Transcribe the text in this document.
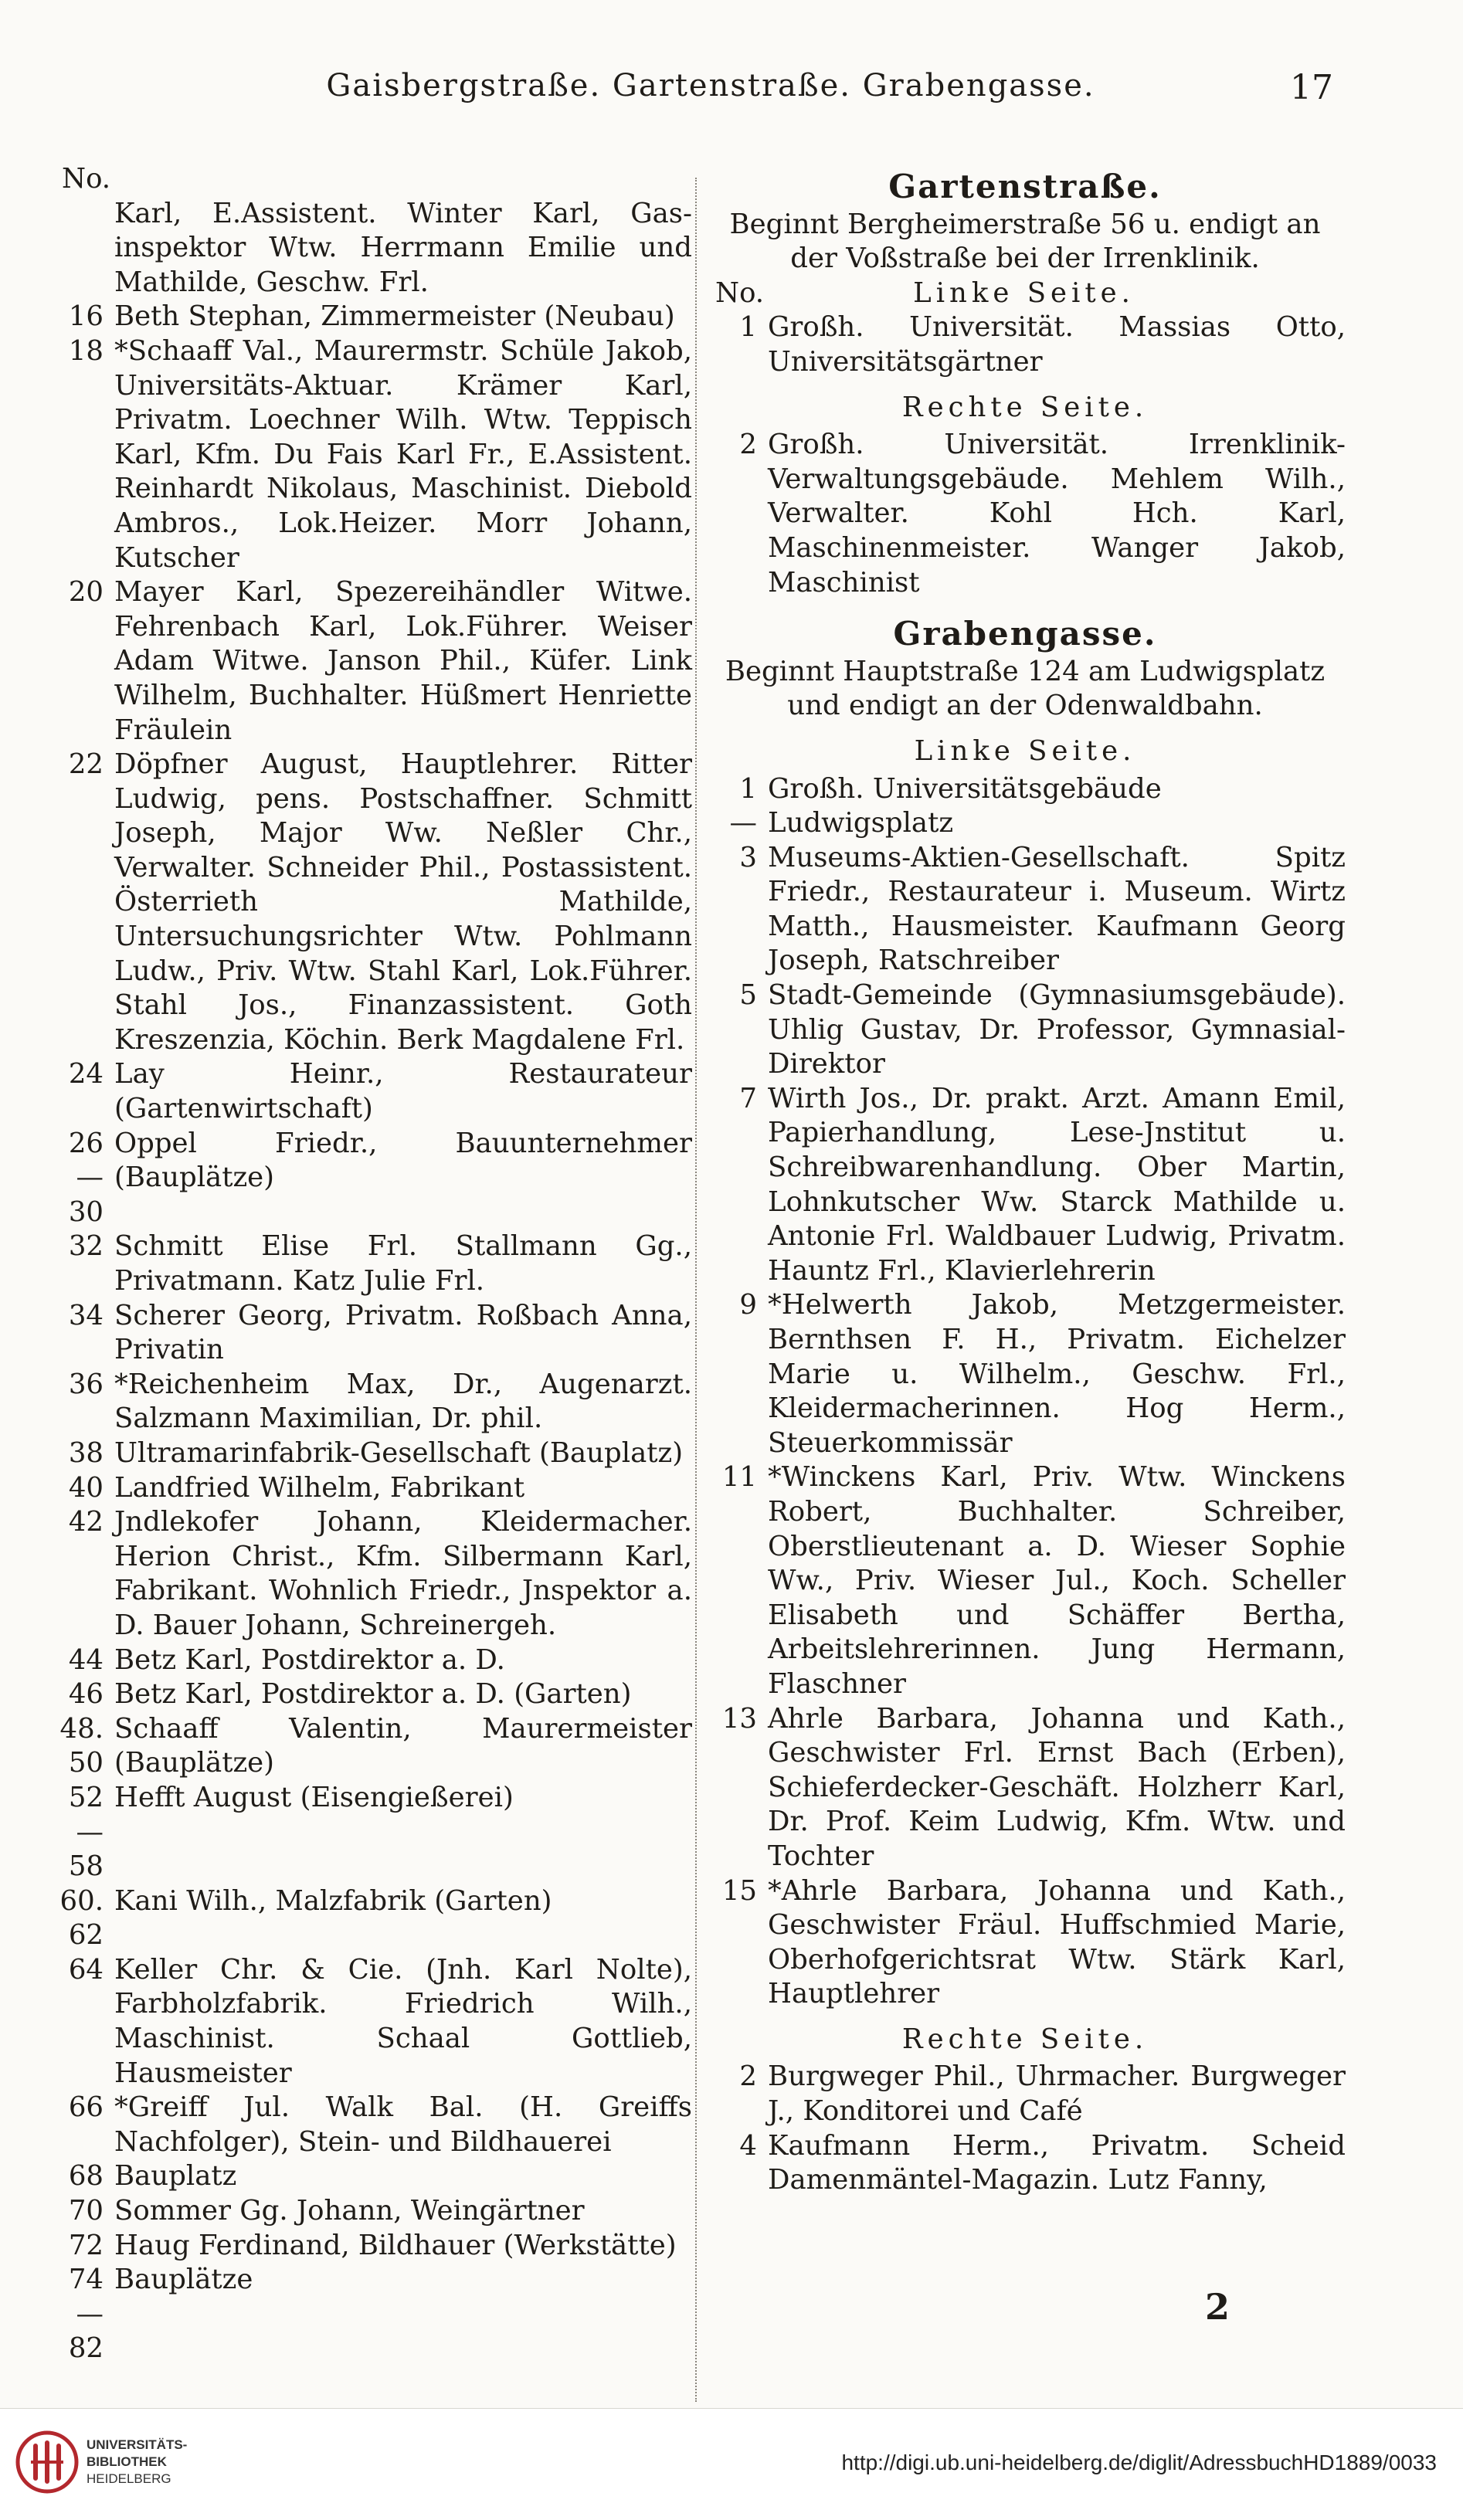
Gaisbergstraße. Gartenstraße. Grabengasse.	17
No.
Karl, E.Assistent. Winter Karl, Gas-inspektor Wtw. Herrmann Emilie und Mathilde, Geschw. Frl.
16 Beth Stephan, Zimmermeister (Neubau)
18 *Schaaff Val., Maurermstr. Schüle Jakob, Universitäts-Aktuar. Krämer Karl, Privatm. Loechner Wilh. Wtw. Teppisch Karl, Kfm. Du Fais Karl Fr., E.Assistent. Reinhardt Nikolaus, Maschinist. Diebold Ambros., Lok.Heizer. Morr Johann, Kutscher
20 Mayer Karl, Spezereihändler Witwe. Fehrenbach Karl, Lok.Führer. Weiser Adam Witwe. Janson Phil., Küfer. Link Wilhelm, Buchhalter. Hüßmert Henriette Fräulein
22 Döpfner August, Hauptlehrer. Ritter Ludwig, pens. Postschaffner. Schmitt Joseph, Major Ww. Neßler Chr., Verwalter. Schneider Phil., Postassistent. Österrieth Mathilde, Untersuchungsrichter Wtw. Pohlmann Ludw., Priv. Wtw. Stahl Karl, Lok.Führer. Stahl Jos., Finanzassistent. Goth Kreszenzia, Köchin. Berk Magdalene Frl.
24 Lay Heinr., Restaurateur (Gartenwirtschaft)
26—30
Oppel Friedr., Bauunternehmer (Bauplätze)
32 Schmitt Elise Frl. Stallmann Gg., Privatmann. Katz Julie Frl.
34 Scherer Georg, Privatm. Roßbach Anna, Privatin
36 *Reichenheim Max, Dr., Augenarzt. Salzmann Maximilian, Dr. phil.
38 Ultramarinfabrik-Gesellschaft (Bauplatz)
40 Landfried Wilhelm, Fabrikant
42 Jndlekofer Johann, Kleidermacher. Herion Christ., Kfm. Silbermann Karl, Fabrikant. Wohnlich Friedr., Jnspektor a. D. Bauer Johann, Schreinergeh.
44 Betz Karl, Postdirektor a. D.
46 Betz Karl, Postdirektor a. D. (Garten)
48. 50
Schaaff Valentin, Maurermeister (Bauplätze)
52—58
Hefft August (Eisengießerei)
60. 62
Kani Wilh., Malzfabrik (Garten)
64 Keller Chr. & Cie. (Jnh. Karl Nolte), Farbholzfabrik. Friedrich Wilh., Maschinist. Schaal Gottlieb, Hausmeister
66 *Greiff Jul. Walk Bal. (H. Greiffs Nachfolger), Stein- und Bildhauerei
68 Bauplatz
70 Sommer Gg. Johann, Weingärtner
72 Haug Ferdinand, Bildhauer (Werkstätte)
74—82
Bauplätze
Gartenstraße.
Beginnt Bergheimerstraße 56 u. endigt an der Voßstraße bei der Irrenklinik.
No.	Linke Seite.
1 Großh. Universität. Massias Otto, Universitätsgärtner
Rechte Seite.
2 Großh. Universität. Irrenklinik-Verwaltungsgebäude. Mehlem Wilh., Verwalter. Kohl Hch. Karl, Maschinenmeister. Wanger Jakob, Maschinist
Grabengasse.
Beginnt Hauptstraße 124 am Ludwigsplatz und endigt an der Odenwaldbahn.
Linke Seite.
1 Großh. Universitätsgebäude
— Ludwigsplatz
3 Museums-Aktien-Gesellschaft. Spitz Friedr., Restaurateur i. Museum. Wirtz Matth., Hausmeister. Kaufmann Georg Joseph, Ratschreiber
5 Stadt-Gemeinde (Gymnasiumsgebäude). Uhlig Gustav, Dr. Professor, Gymnasial-Direktor
7 Wirth Jos., Dr. prakt. Arzt. Amann Emil, Papierhandlung, Lese-Jnstitut u. Schreibwarenhandlung. Ober Martin, Lohnkutscher Ww. Starck Mathilde u. Antonie Frl. Waldbauer Ludwig, Privatm. Hauntz Frl., Klavierlehrerin
9 *Helwerth Jakob, Metzgermeister. Bernthsen F. H., Privatm. Eichelzer Marie u. Wilhelm., Geschw. Frl., Kleidermacherinnen. Hog Herm., Steuerkommissär
11 *Winckens Karl, Priv. Wtw. Winckens Robert, Buchhalter. Schreiber, Oberstlieutenant a. D. Wieser Sophie Ww., Priv. Wieser Jul., Koch. Scheller Elisabeth und Schäffer Bertha, Arbeitslehrerinnen. Jung Hermann, Flaschner
13 Ahrle Barbara, Johanna und Kath., Geschwister Frl. Ernst Bach (Erben), Schieferdecker-Geschäft. Holzherr Karl, Dr. Prof. Keim Ludwig, Kfm. Wtw. und Tochter
15 *Ahrle Barbara, Johanna und Kath., Geschwister Fräul. Huffschmied Marie, Oberhofgerichtsrat Wtw. Stärk Karl, Hauptlehrer
Rechte Seite.
2 Burgweger Phil., Uhrmacher. Burgweger J., Konditorei und Café
4 Kaufmann Herm., Privatm. Scheid Damenmäntel-Magazin. Lutz Fanny,
2
UNIVERSITÄTS-
BIBLIOTHEK
HEIDELBERG
http://digi.ub.uni-heidelberg.de/diglit/AdressbuchHD1889/0033
